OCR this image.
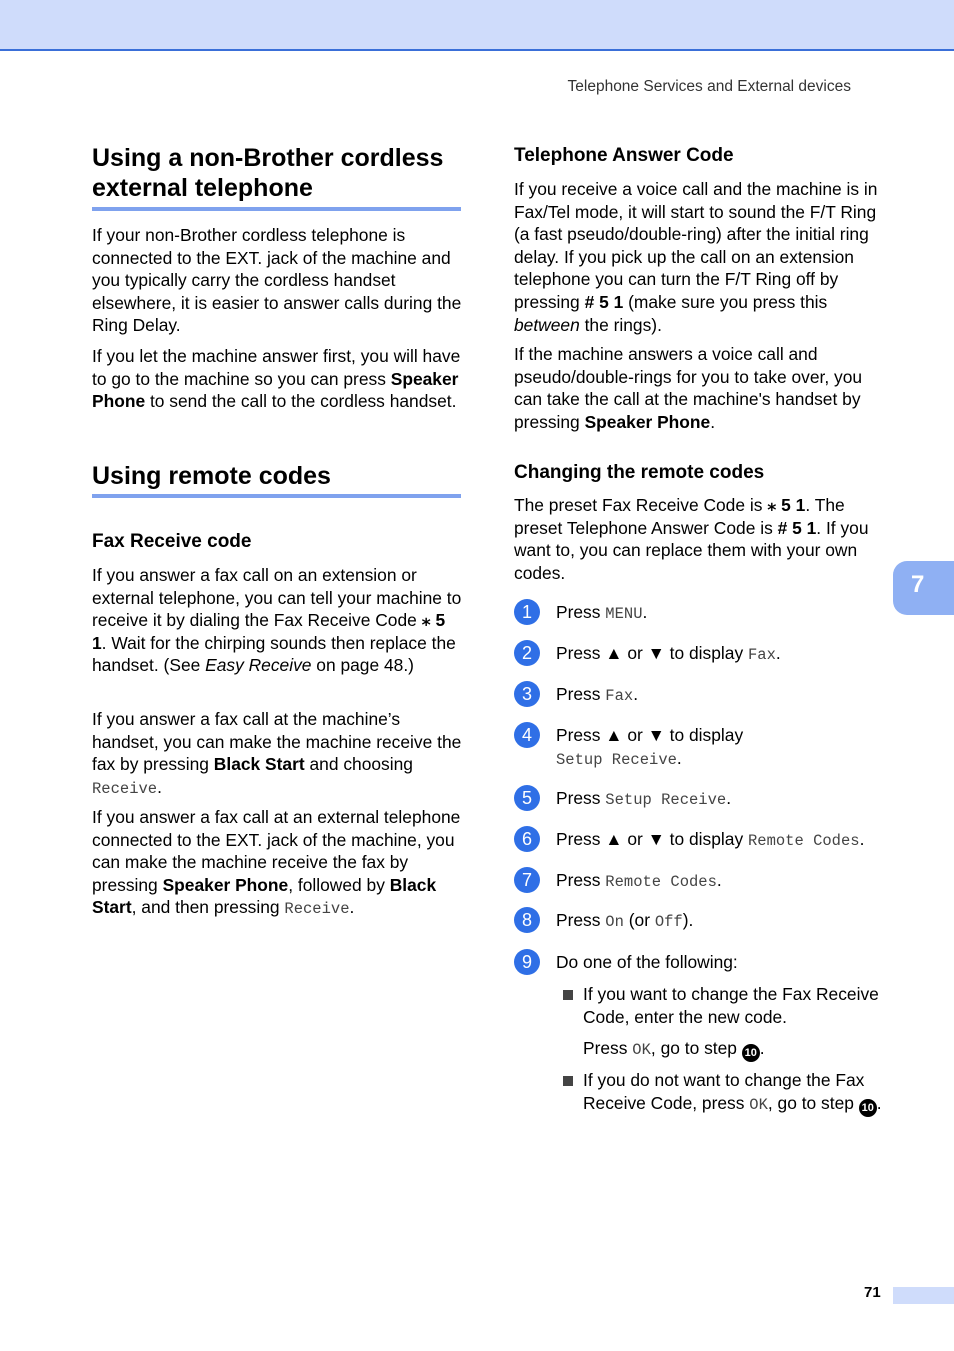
Telephone Services and External devices
Using a non-Brother cordless
external telephone

If your non-Brother cordless telephone is connected to the EXT. jack of the machine and you typically carry the cordless handset elsewhere, it is easier to answer calls during the Ring Delay.

If you let the machine answer first, you will have to go to the machine so you can press Speaker Phone to send the call to the cordless handset.

Using remote codes
Fax Receive code

If you answer a fax call on an extension or external telephone, you can tell your machine to receive it by dialing the Fax Receive Code ⁎ 5 1. Wait for the chirping sounds then replace the handset. (See Easy Receive on page 48.)

If you answer a fax call at the machine’s handset, you can make the machine receive the fax by pressing Black Start and choosing Receive.

If you answer a fax call at an external telephone connected to the EXT. jack of the machine, you can make the machine receive the fax by pressing Speaker Phone, followed by Black Start, and then pressing Receive.

Telephone Answer Code

If you receive a voice call and the machine is in Fax/Tel mode, it will start to sound the F/T Ring (a fast pseudo/double-ring) after the initial ring delay. If you pick up the call on an extension telephone you can turn the F/T Ring off by pressing # 5 1 (make sure you press this between the rings).

If the machine answers a voice call and pseudo/double-rings for you to take over, you can take the call at the machine's handset by pressing Speaker Phone.

Changing the remote codes

The preset Fax Receive Code is ⁎ 5 1. The preset Telephone Answer Code is # 5 1. If you want to, you can replace them with your own codes.

1	Press MENU.
2	Press ▲ or ▼ to display Fax.
3	Press Fax.
4	Press ▲ or ▼ to display
Setup Receive.
5	Press Setup Receive.
6	Press ▲ or ▼ to display Remote Codes.
7	Press Remote Codes.
8	Press On (or Off).
9	Do one of the following:
If you want to change the Fax Receive Code, enter the new code.
Press OK, go to step 10 .
If you do not want to change the Fax Receive Code, press OK, go to step 10 .
7
71
